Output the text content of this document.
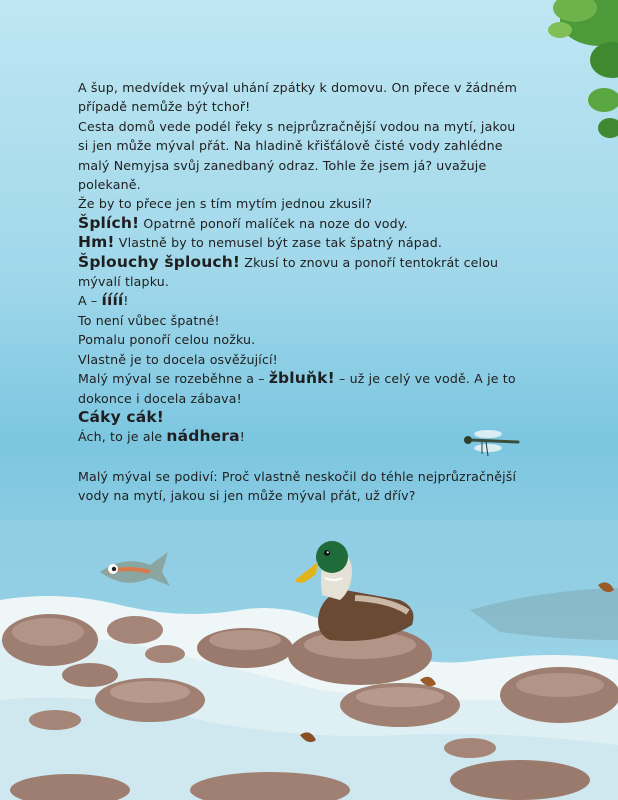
A šup, medvídek mýval uhání zpátky k domovu. On přece v žádném

případě nemůže být tchoř!

Cesta domů vede podél řeky s nejprůzračnější vodou na mytí, jakou

si jen může mýval přát. Na hladině křišťálově čisté vody zahlédne

malý Nemyjsa svůj zanedbaný odraz. Tohle že jsem já? uvažuje

polekaně.

Že by to přece jen s tím mytím jednou zkusil?

Šplích! Opatrně ponoří malíček na noze do vody.

Hm! Vlastně by to nemusel být zase tak špatný nápad.

Šplouchy šplouch! Zkusí to znovu a ponoří tentokrát celou

mývalí tlapku.

A – íííí!

To není vůbec špatné!

Pomalu ponoří celou nožku.

Vlastně je to docela osvěžující!

Malý mýval se rozeběhne a – žbluňk! – už je celý ve vodě. A je to

dokonce i docela zábava!

Cáky cák!

Ách, to je ale nádhera!

Malý mýval se podiví: Proč vlastně neskočil do téhle nejprůzračnější

vody na mytí, jakou si jen může mýval přát, už dřív?
